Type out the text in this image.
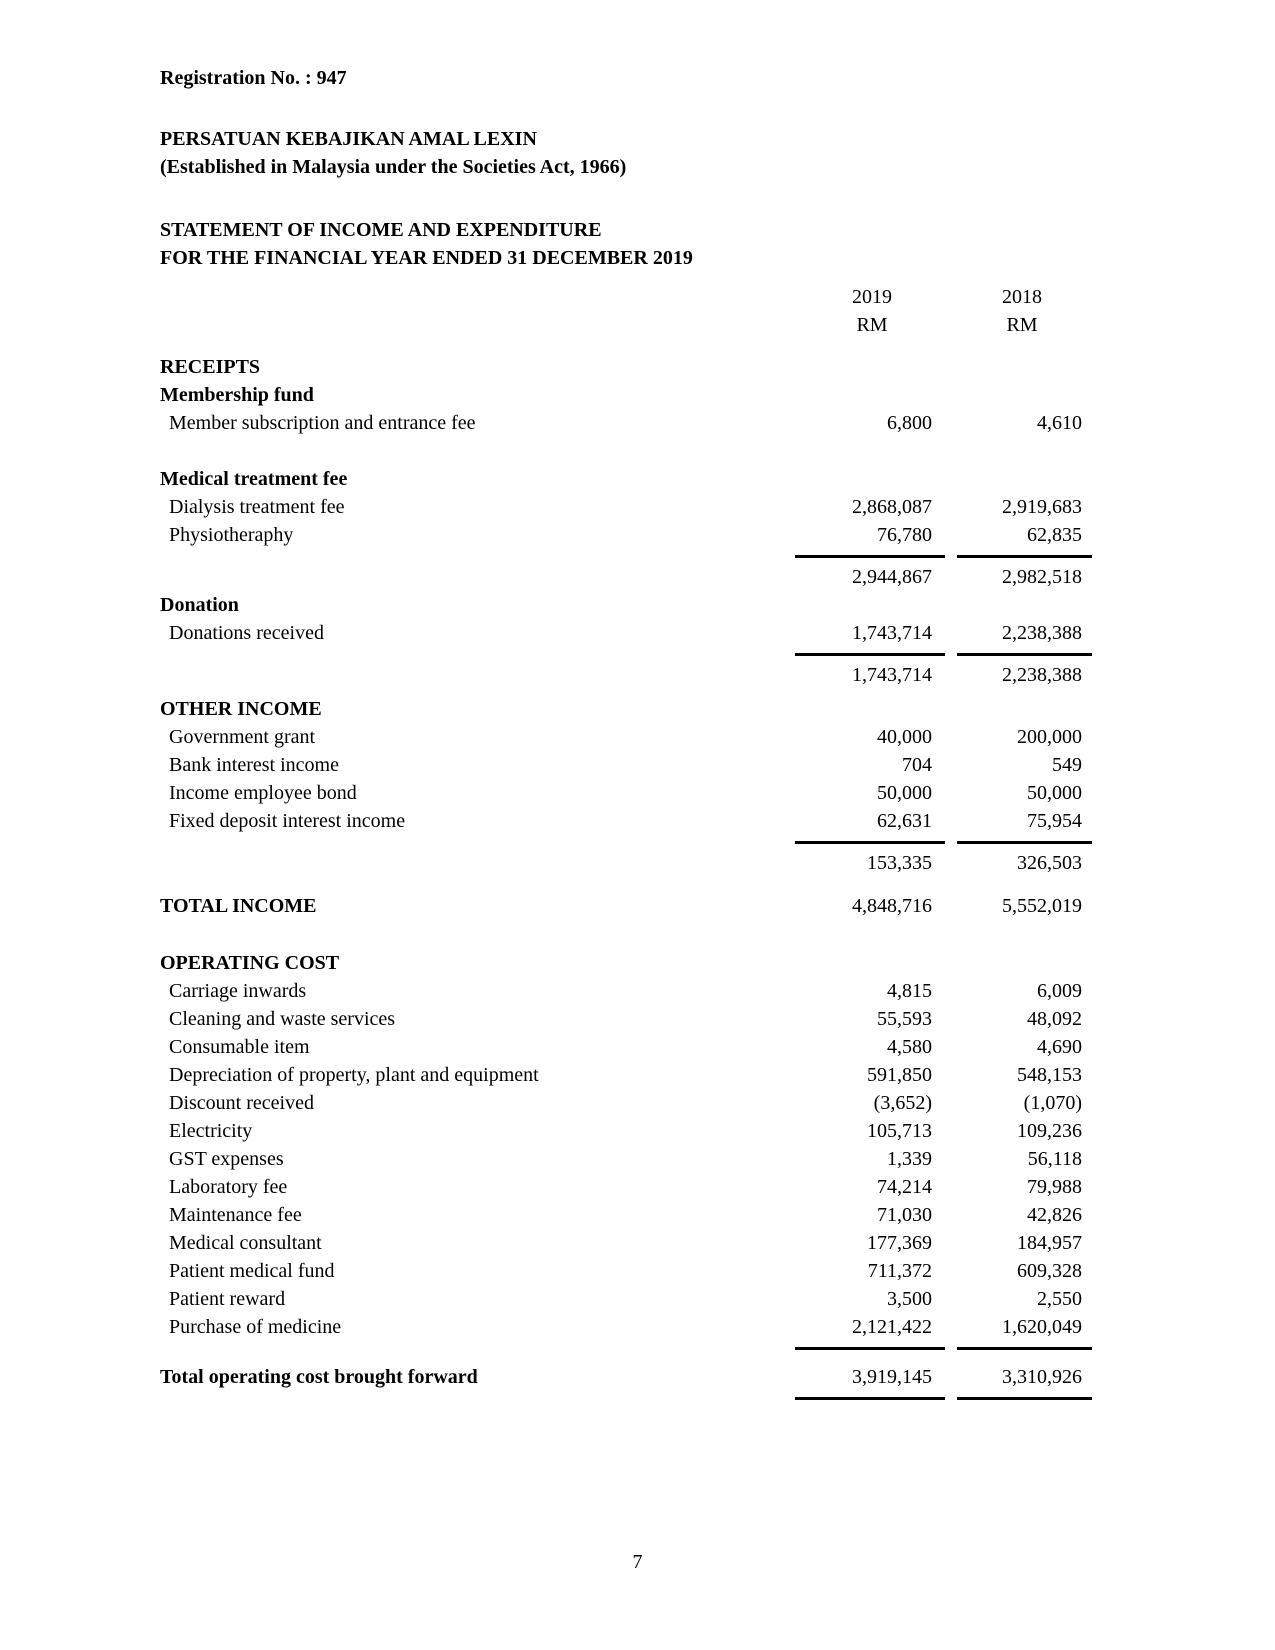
Registration No. : 947
PERSATUAN KEBAJIKAN AMAL LEXIN
(Established in Malaysia under the Societies Act, 1966)
STATEMENT OF INCOME AND EXPENDITURE
FOR THE FINANCIAL YEAR ENDED 31 DECEMBER 2019
2019	2018
RM	RM
RECEIPTS
Membership fund
Member subscription and entrance fee	6,800	4,610
Medical treatment fee
Dialysis treatment fee	2,868,087	2,919,683
Physiotheraphy	76,780	62,835
2,944,867	2,982,518
Donation
Donations received	1,743,714	2,238,388
1,743,714	2,238,388
OTHER INCOME
Government grant	40,000	200,000
Bank interest income	704	549
Income employee bond	50,000	50,000
Fixed deposit interest income	62,631	75,954
153,335	326,503
TOTAL INCOME	4,848,716	5,552,019
OPERATING COST
Carriage inwards	4,815	6,009
Cleaning and waste services	55,593	48,092
Consumable item	4,580	4,690
Depreciation of property, plant and equipment	591,850	548,153
Discount received	(3,652)	(1,070)
Electricity	105,713	109,236
GST expenses	1,339	56,118
Laboratory fee	74,214	79,988
Maintenance fee	71,030	42,826
Medical consultant	177,369	184,957
Patient medical fund	711,372	609,328
Patient reward	3,500	2,550
Purchase of medicine	2,121,422	1,620,049
Total operating cost brought forward	3,919,145	3,310,926
7
